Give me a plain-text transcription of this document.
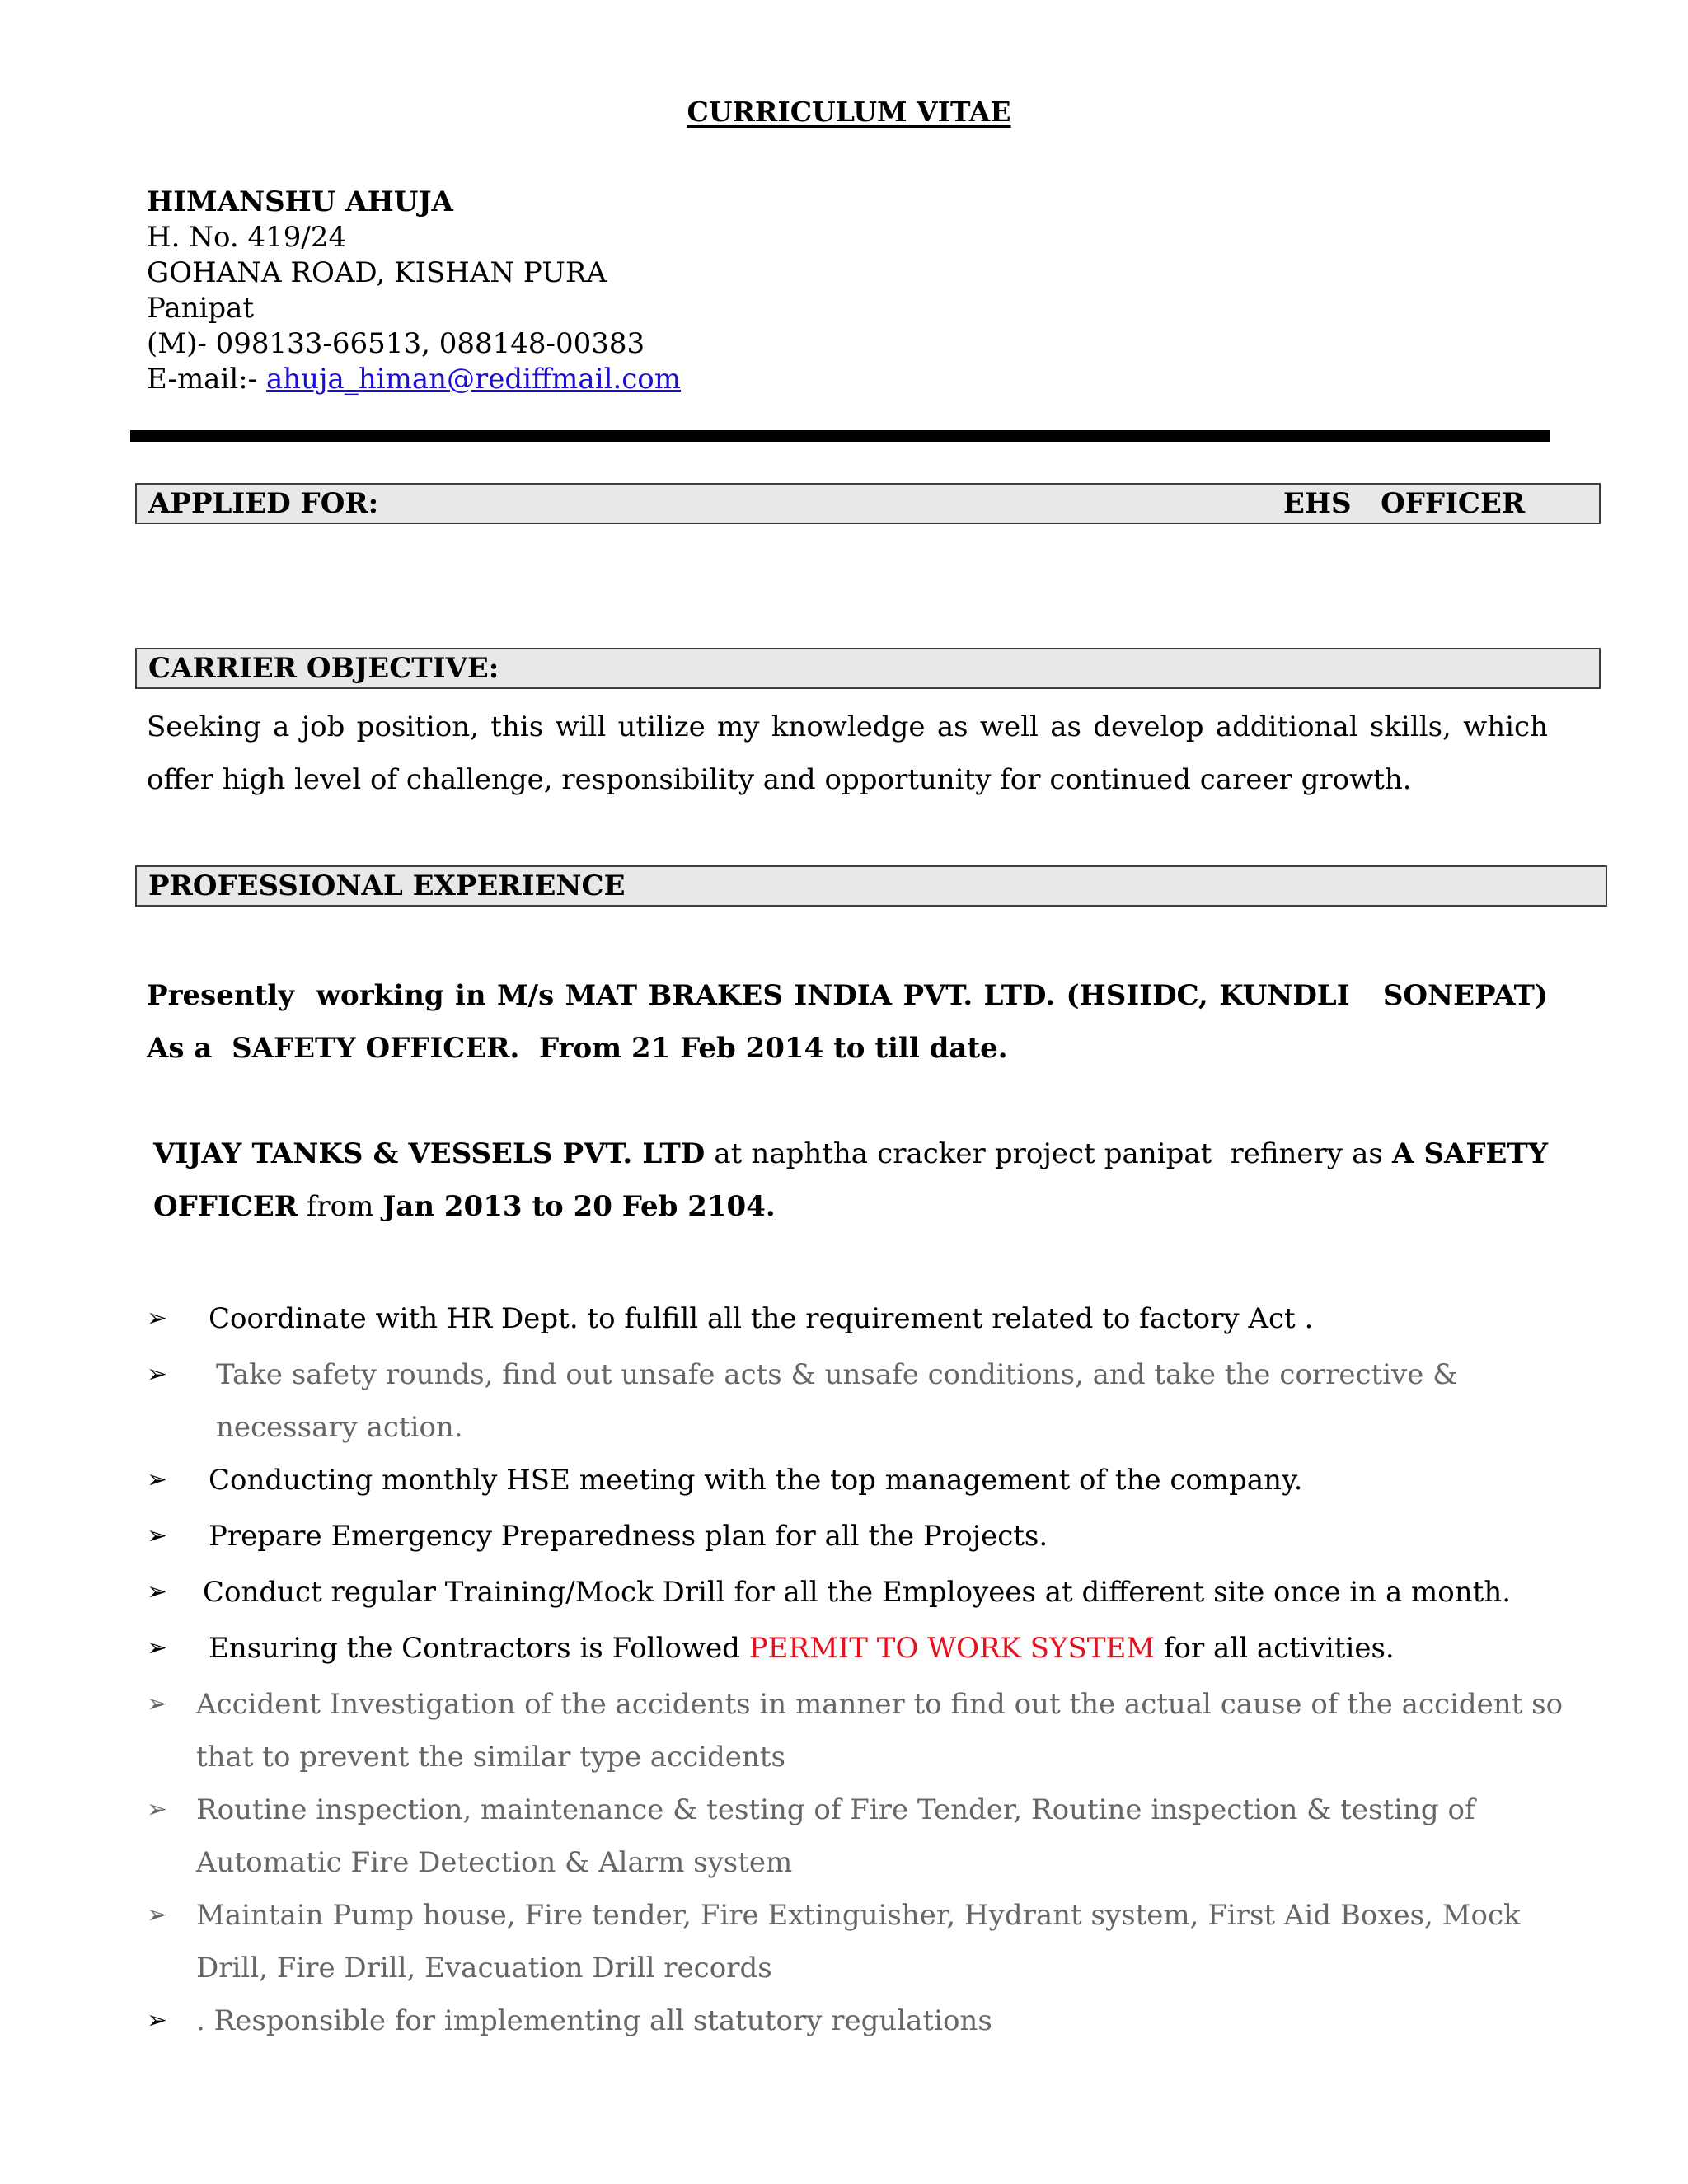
CURRICULUM VITAE
HIMANSHU AHUJA
H. No. 419/24
GOHANA ROAD, KISHAN PURA
Panipat
(M)- 098133-66513, 088148-00383
E-mail:- ahuja_himan@rediffmail.com
APPLIED FOR:	EHS   OFFICER
CARRIER OBJECTIVE:
Seeking a job position, this will utilize my knowledge as well as develop additional skills, which offer high level of challenge, responsibility and opportunity for continued career growth.
PROFESSIONAL EXPERIENCE
Presently  working in M/s MAT BRAKES INDIA PVT. LTD. (HSIIDC, KUNDLI   SONEPAT)   As a  SAFETY OFFICER.  From 21 Feb 2014 to till date.
VIJAY TANKS & VESSELS PVT. LTD at naphtha cracker project panipat  refinery as A SAFETY OFFICER from Jan 2013 to 20 Feb 2104.
➢	Coordinate with HR Dept. to fulfill all the requirement related to factory Act .
➢	Take safety rounds, find out unsafe acts & unsafe conditions, and take the corrective & necessary action.
➢	Conducting monthly HSE meeting with the top management of the company.
➢	Prepare Emergency Preparedness plan for all the Projects.
➢	Conduct regular Training/Mock Drill for all the Employees at different site once in a month.
➢	Ensuring the Contractors is Followed PERMIT TO WORK SYSTEM for all activities.
➢	Accident Investigation of the accidents in manner to find out the actual cause of the accident so that to prevent the similar type accidents
➢	Routine inspection, maintenance & testing of Fire Tender, Routine inspection & testing of Automatic Fire Detection & Alarm system
➢	Maintain Pump house, Fire tender, Fire Extinguisher, Hydrant system, First Aid Boxes, Mock Drill, Fire Drill, Evacuation Drill records
➢	. Responsible for implementing all statutory regulations
